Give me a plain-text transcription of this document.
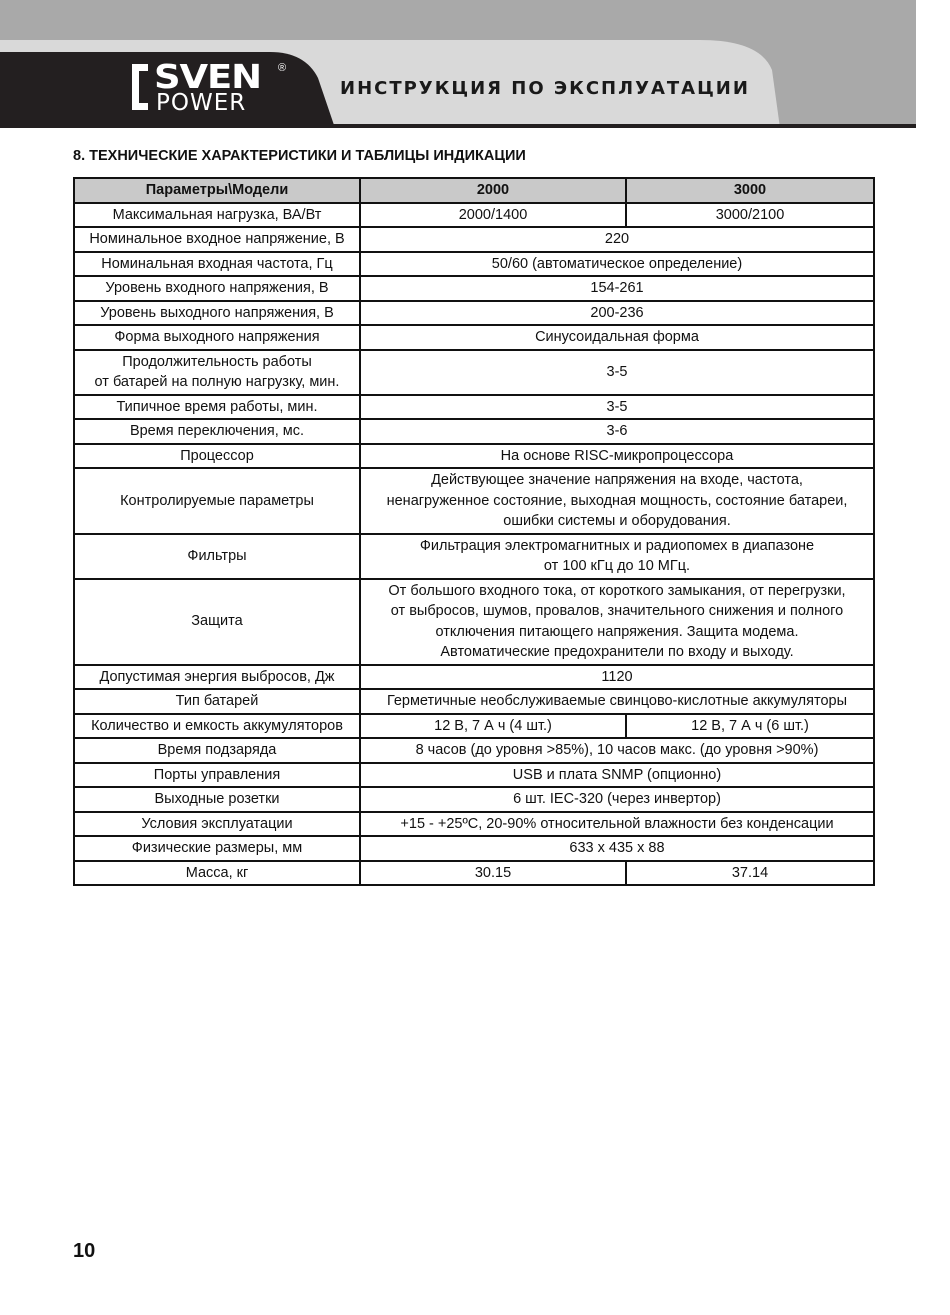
SVEN
POWER
®
ИНСТРУКЦИЯ ПО ЭКСПЛУАТАЦИИ
8. ТЕХНИЧЕСКИЕ ХАРАКТЕРИСТИКИ И ТАБЛИЦЫ ИНДИКАЦИИ
Параметры\Модели	2000	3000
Максимальная нагрузка, ВА/Вт	2000/1400	3000/2100
Номинальное входное напряжение, В	220	
Номинальная входная частота, Гц	50/60 (автоматическое определение)	
Уровень входного напряжения, В	154-261	
Уровень выходного напряжения, В	200-236	
Форма выходного напряжения	Синусоидальная форма	

Продолжительность работы
от батарей на полную нагрузку, мин.	3-5	
Типичное время работы, мин.	3-5	
Время переключения, мс.	3-6	
Процессор	На основе RISC-микропроцессора	
Контролируемые параметры	Действующее значение напряжения на входе, частота,
ненагруженное состояние, выходная мощность, состояние батареи,
ошибки системы и оборудования.	

Фильтры	Фильтрация электромагнитных и радиопомех в диапазоне
от 100 кГц до 10 МГц.	

Защита	От большого входного тока, от короткого замыкания, от перегрузки,
от выбросов, шумов, провалов, значительного снижения и полного
отключения питающего напряжения. Защита модема.
Автоматические предохранители по входу и выходу.	

Допустимая энергия выбросов, Дж	1120	
Тип батарей	Герметичные необслуживаемые свинцово-кислотные аккумуляторы	
Количество и емкость аккумуляторов	12 В, 7 А ч (4 шт.)	12 В, 7 А ч (6 шт.)
Время подзаряда	8 часов (до уровня >85%), 10 часов макс. (до уровня >90%)	
Порты управления	USB и плата SNMP (опционно)	
Выходные розетки	6 шт. IEC-320 (через инвертор)	
Условия эксплуатации	+15 - +25ºC, 20-90% относительной влажности без конденсации	
Физические размеры, мм	633 х 435 х 88	
Масса, кг	30.15	37.14
10
